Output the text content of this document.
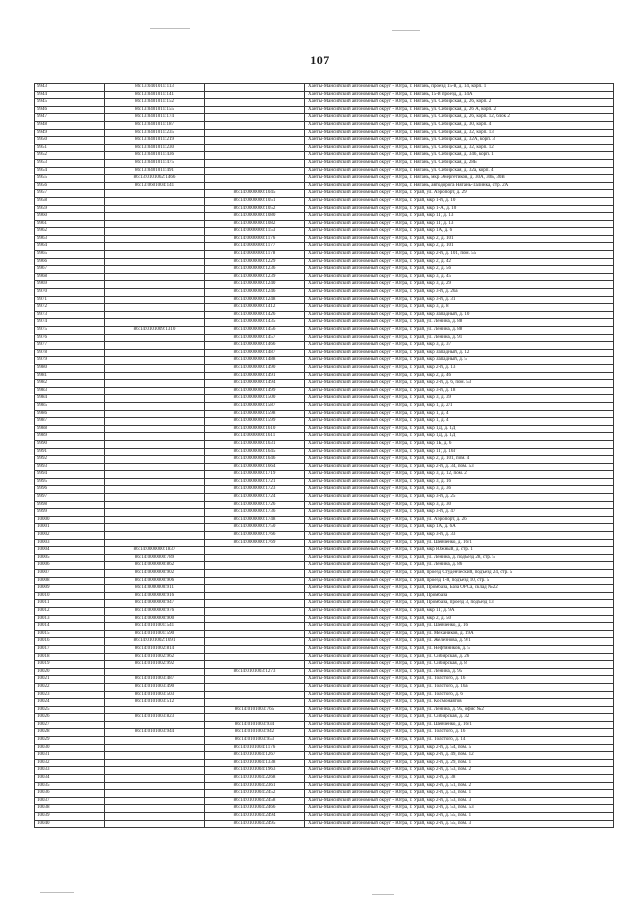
107
9943	86:13:0401011:113		Ханты-Мансийский автономный округ - Югра, г. Нягань, проезд 15-й, д. 14, корп. 1
9944	86:13:0401011:141		Ханты-Мансийский автономный округ - Югра, г. Нягань, 15-й проезд, д. 14А
9945	86:13:0401011:152		Ханты-Мансийский автономный округ - Югра, г. Нягань, ул. Сибирская, д. 26, корп. 2
9946	86:13:0401011:155		Ханты-Мансийский автономный округ - Югра, г. Нягань, ул. Сибирская, д. 26 А, корп. 2
9947	86:13:0401011:174		Ханты-Мансийский автономный округ - Югра, г. Нягань, ул. Сибирская, д. 26, корп. 12, блок 2
9948	86:13:0401011:187		Ханты-Мансийский автономный округ - Югра, г. Нягань, ул. Сибирская, д. 30, корп. 4
9949	86:13:0401011:235		Ханты-Мансийский автономный округ - Югра, г. Нягань, ул. Сибирская, д. 32, корп. 13
9950	86:13:0401011:219		Ханты-Мансийский автономный округ - Югра, г. Нягань, ул. Сибирская, д. 32А, корп. 3
9951	86:13:0401011:230		Ханты-Мансийский автономный округ - Югра, г. Нягань, ул. Сибирская, д. 32, корп. 12
9952	86:13:0401011:436		Ханты-Мансийский автономный округ - Югра, г. Нягань, ул. Сибирская, д. 34б, корп. 1
9953	86:13:0401011:475		Ханты-Мансийский автономный округ - Югра, г. Нягань, ул. Сибирская, д. 28Б
9954	86:13:0401011:491		Ханты-Мансийский автономный округ - Югра, г. Нягань, ул. Сибирская, д. 32а, корп. 4
9955	86:13:0101062:1466		Ханты-Мансийский автономный округ - Югра, г. Нягань, мкр Энергетиков, д. 30А, 30Б, 30В
9956	86:13:0601004:141		Ханты-Мансийский автономный округ - Югра, г. Нягань, автодорога Нягань-Талинка, стр. 2А
9957		86:14:0000000:1045	Ханты-Мансийский автономный округ - Югра, г. Урай, ул. Аэропорт, д. 29
9958		86:14:0000000:1051	Ханты-Мансийский автономный округ - Югра, г. Урай, мкр 1-й, д. 10
9959		86:14:0000000:1052	Ханты-Мансийский автономный округ - Югра, г. Урай, мкр 1-А, д. 10
9960		86:14:0000000:1080	Ханты-Мансийский автономный округ - Югра, г. Урай, мкр 1Г, д. 13
9961		86:14:0000000:1082	Ханты-Мансийский автономный округ - Югра, г. Урай, мкр 1Г, д. 13
9962		86:14:0000000:1153	Ханты-Мансийский автономный округ - Югра, г. Урай, мкр 1А, д. 6
9963		86:14:0000000:1176	Ханты-Мансийский автономный округ - Югра, г. Урай, мкр 2, д. 101
9964		86:14:0000000:1177	Ханты-Мансийский автономный округ - Югра, г. Урай, мкр 2, д. 101
9965		86:14:0000000:1178	Ханты-Мансийский автономный округ - Югра, г. Урай, мкр 2-й, д. 101, пом. 55
9966		86:14:0000000:1229	Ханты-Мансийский автономный округ - Югра, г. Урай, мкр 2, д. 42
9967		86:14:0000000:1236	Ханты-Мансийский автономный округ - Югра, г. Урай, мкр 2, д. 56
9968		86:14:0000000:1239	Ханты-Мансийский автономный округ - Югра, г. Урай, мкр 3, д. 45
9969		86:14:0000000:1240	Ханты-Мансийский автономный округ - Югра, г. Урай, мкр 3, д. 29
9970		86:14:0000000:1246	Ханты-Мансийский автономный округ - Югра, г. Урай, мкр 3-й, д. 26а
9971		86:14:0000000:1248	Ханты-Мансийский автономный округ - Югра, г. Урай, мкр 3-й, д. 31
9972		86:14:0000000:1412	Ханты-Мансийский автономный округ - Югра, г. Урай, мкр 3, д. 8
9973		86:14:0000000:1426	Ханты-Мансийский автономный округ - Югра, г. Урай, мкр Западный, д. 10
9974		86:14:0000000:1435	Ханты-Мансийский автономный округ - Югра, г. Урай, ул. Ленина, д. 88
9975	86:14:0101009:1310	86:14:0000000:1456	Ханты-Мансийский автономный округ - Югра, г. Урай, ул. Ленина, д. 88
9976		86:14:0000000:1457	Ханты-Мансийский автономный округ - Югра, г. Урай, ул. Ленина, д. 91
9977		86:14:0000000:1466	Ханты-Мансийский автономный округ - Югра, г. Урай, мкр 3, д. 37
9978		86:14:0000000:1487	Ханты-Мансийский автономный округ - Югра, г. Урай, мкр Западный, д. 12
9979		86:14:0000000:1488	Ханты-Мансийский автономный округ - Югра, г. Урай, мкр Западный, д. 5
9980		86:14:0000000:1490	Ханты-Мансийский автономный округ - Югра, г. Урай, мкр 2-й, д. 13
9981		86:14:0000000:1491	Ханты-Мансийский автономный округ - Югра, г. Урай, мкр 2, д. 46
9982		86:14:0000000:1494	Ханты-Мансийский автономный округ - Югра, г. Урай, мкр 2-й, д. 6, пом. 53
9983		86:14:0000000:1499	Ханты-Мансийский автономный округ - Югра, г. Урай, мкр 3-й, д. 18
9984		86:14:0000000:1500	Ханты-Мансийский автономный округ - Югра, г. Урай, мкр 3, д. 39
9985		86:14:0000000:1587	Ханты-Мансийский автономный округ - Югра, г. Урай, мкр 1, д. 2/1
9986		86:14:0000000:1598	Ханты-Мансийский автономный округ - Югра, г. Урай, мкр 1, д. 4
9987		86:14:0000000:1599	Ханты-Мансийский автономный округ - Югра, г. Урай, мкр 1, д. 4
9988		86:14:0000000:1610	Ханты-Мансийский автономный округ - Югра, г. Урай, мкр 1Д, д. 1Д
9989		86:14:0000000:1611	Ханты-Мансийский автономный округ - Югра, г. Урай, мкр 1Д, д. 1Д
9990		86:14:0000000:1631	Ханты-Мансийский автономный округ - Югра, г. Урай, мкр 1Б, д. 6
9991		86:14:0000000:1645	Ханты-Мансийский автономный округ - Югра, г. Урай, мкр 1Г, д. 16Г
9992		86:14:0000000:1646	Ханты-Мансийский автономный округ - Югра, г. Урай, мкр 2, д. 101, пом. 4
9993		86:14:0000000:1664	Ханты-Мансийский автономный округ - Югра, г. Урай, мкр 2-й, д. 34, пом. 53
9994		86:14:0000000:1719	Ханты-Мансийский автономный округ - Югра, г. Урай, мкр 3, д. 12, пом. 2
9995		86:14:0000000:1721	Ханты-Мансийский автономный округ - Югра, г. Урай, мкр 3, д. 16
9996		86:14:0000000:1723	Ханты-Мансийский автономный округ - Югра, г. Урай, мкр 3, д. 36
9997		86:14:0000000:1724	Ханты-Мансийский автономный округ - Югра, г. Урай, мкр 3-й, д. 25
9998		86:14:0000000:1726	Ханты-Мансийский автономный округ - Югра, г. Урай, мкр 3, д. 30
9999		86:14:0000000:1736	Ханты-Мансийский автономный округ - Югра, г. Урай, мкр 3-й, д. 47
10000		86:14:0000000:1748	Ханты-Мансийский автономный округ - Югра, г. Урай, ул. Аэропорт, д. 26
10001		86:14:0000000:1750	Ханты-Мансийский автономный округ - Югра, г. Урай, мкр 1А, д. 6А
10002		86:14:0000000:1766	Ханты-Мансийский автономный округ - Югра, г. Урай, мкр 3-й, д. 33
10003		86:14:0000000:1769	Ханты-Мансийский автономный округ - Югра, г. Урай, ул. Шевченко, д. 16/1
10004	86:14:0000000:1837		Ханты-Мансийский автономный округ - Югра, г. Урай, мкр Южный, д. стр. 1
10005	86:14:0000000:789		Ханты-Мансийский автономный округ - Югра, г. Урай, ул. Ленина, д. подъезд 28, стр. 5
10006	86:14:0000000:862		Ханты-Мансийский автономный округ - Югра, г. Урай, ул. Ленина, д. 86
10007	86:14:0000000:902		Ханты-Мансийский автономный округ - Югра, г. Урай, проезд Студенческий, подъезд 24, стр. 5
10008	86:14:0000000:906		Ханты-Мансийский автономный округ - Югра, г. Урай, проезд 1-й, подъезд 10, стр. 5
10009	86:14:0000000:911		Ханты-Мансийский автономный округ - Югра, г. Урай, Промбаза, База ОРСа, склад №22
10010	86:14:0000000:916		Ханты-Мансийский автономный округ - Югра, г. Урай, Промбаза
10011	86:14:0000000:947		Ханты-Мансийский автономный округ - Югра, г. Урай, Промбаза, проезд 3, подъезд 13
10012	86:14:0000000:976		Ханты-Мансийский автономный округ - Югра, г. Урай, мкр 1Г, д. 9А
10013	86:14:0000000:900		Ханты-Мансийский автономный округ - Югра, г. Урай, мкр 2, д. 50
10014	86:14:0101001:541		Ханты-Мансийский автономный округ - Югра, г. Урай, ул. Шевченко, д. 16
10015	86:14:0101001:590		Ханты-Мансийский автономный округ - Югра, г. Урай, ул. Механиков, д. 19А
10016	86:14:0101002:1691		Ханты-Мансийский автономный округ - Югра, г. Урай, ул. Железнова, д. 9/1
10017	86:14:0101002:814		Ханты-Мансийский автономный округ - Югра, г. Урай, ул. Нефтяников, д. 5
10018	86:14:0101002:962		Ханты-Мансийский автономный округ - Югра, г. Урай, ул. Сибирская, д. 26
10019	86:14:0101002:992		Ханты-Мансийский автономный округ - Югра, г. Урай, ул. Сибирская, д. 8
10020		86:14:0101003:1273	Ханты-Мансийский автономный округ - Югра, г. Урай, ул. Ленина, д. 95
10021	86:14:0101003:487		Ханты-Мансийский автономный округ - Югра, г. Урай, ул. Толстого, д. 16
10022	86:14:0101003:490		Ханты-Мансийский автономный округ - Югра, г. Урай, ул. Толстого, д. 16а
10023	86:14:0101003:503		Ханты-Мансийский автономный округ - Югра, г. Урай, ул. Толстого, д. 6
10024	86:14:0101003:512		Ханты-Мансийский автономный округ - Югра, г. Урай, ул. Космонавтов
10025		86:14:0101003:765	Ханты-Мансийский автономный округ - Югра, г. Урай, ул. Ленина, д. 95, офис №2
10026	86:14:0101003:823		Ханты-Мансийский автономный округ - Югра, г. Урай, ул. Сибирская, д. 32
10027		86:14:0101003:934	Ханты-Мансийский автономный округ - Югра, г. Урай, ул. Шевченко, д. 16/1
10028	86:14:0101003:944	86:14:0101003:942	Ханты-Мансийский автономный округ - Югра, г. Урай, ул. Толстого, д. 16
10029		86:14:0101003:953	Ханты-Мансийский автономный округ - Югра, г. Урай, ул. Толстого, д. 14
10030		86:14:0101004:1176	Ханты-Мансийский автономный округ - Югра, г. Урай, мкр 2-й, д. 54, пом. 5
10031		86:14:0101004:1267	Ханты-Мансийский автономный округ - Югра, г. Урай, мкр 2-й, д. 49, пом. 12
10032		86:14:0101004:1338	Ханты-Мансийский автономный округ - Югра, г. Урай, мкр 2-й, д. 29, пом. 1
10033		86:14:0101004:1963	Ханты-Мансийский автономный округ - Югра, г. Урай, мкр 2-й, д. 53, пом. 2
10034		86:14:0101004:2268	Ханты-Мансийский автономный округ - Югра, г. Урай, мкр 2-й, д. 38
10035		86:14:0101004:2361	Ханты-Мансийский автономный округ - Югра, г. Урай, мкр 2-й, д. 51, пом. 2
10036		86:14:0101004:2452	Ханты-Мансийский автономный округ - Югра, г. Урай, мкр 2-й, д. 53, пом. 1
10037		86:14:0101004:2458	Ханты-Мансийский автономный округ - Югра, г. Урай, мкр 2-й, д. 53, пом. 3
10038		86:14:0101004:2466	Ханты-Мансийский автономный округ - Югра, г. Урай, мкр 2-й, д. 53, пом. 53
10039		86:14:0101004:2494	Ханты-Мансийский автономный округ - Югра, г. Урай, мкр 2-й, д. 55, пом. 1
10040		86:14:0101004:2495	Ханты-Мансийский автономный округ - Югра, г. Урай, мкр 2-й, д. 55, пом. 3
